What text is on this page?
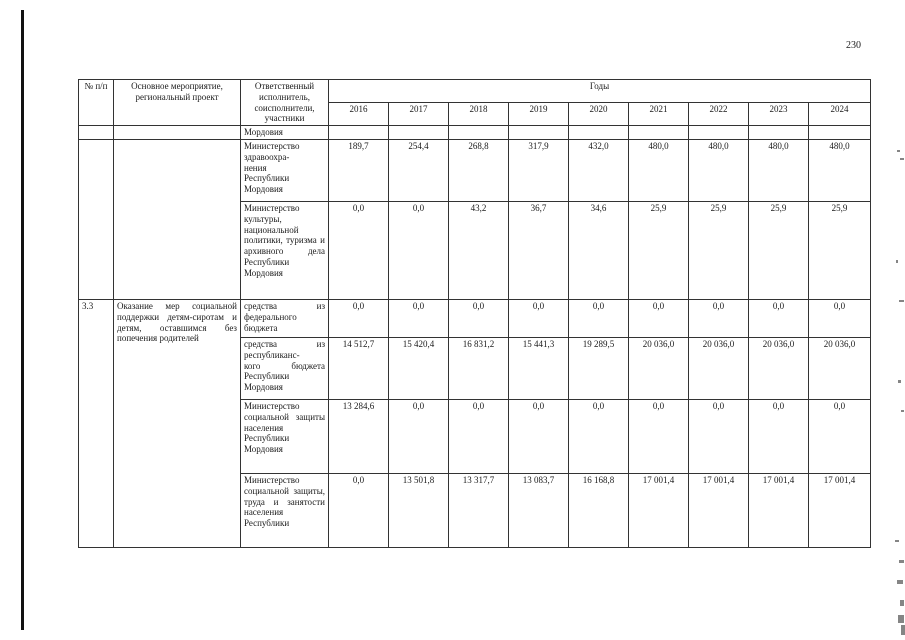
230
№ п/п	Основное мероприятие, региональный проект	Ответственный исполнитель, соисполнители, участники	Годы								
			2016	2017	2018	2019	2020	2021	2022	2023	2024
		Мордовия									
		Министерство здравоохра-
нения
Республики
Мордовия	189,7	254,4	268,8	317,9	432,0	480,0	480,0	480,0	480,0
		Министерство культуры, национальной политики, туризма и архивного дела Республики Мордовия	0,0	0,0	43,2	36,7	34,6	25,9	25,9	25,9	25,9
3.3	Оказание мер социальной поддержки детям-сиротам и детям, оставшимся без попечения родителей	средства из федерального бюджета	0,0	0,0	0,0	0,0	0,0	0,0	0,0	0,0	0,0
		средства из республиканс-
кого бюджета Республики Мордовия	14 512,7	15 420,4	16 831,2	15 441,3	19 289,5	20 036,0	20 036,0	20 036,0	20 036,0
		Министерство социальной защиты населения Республики Мордовия	13 284,6	0,0	0,0	0,0	0,0	0,0	0,0	0,0	0,0
		Министерство социальной защиты, труда и занятости населения Республики	0,0	13 501,8	13 317,7	13 083,7	16 168,8	17 001,4	17 001,4	17 001,4	17 001,4
